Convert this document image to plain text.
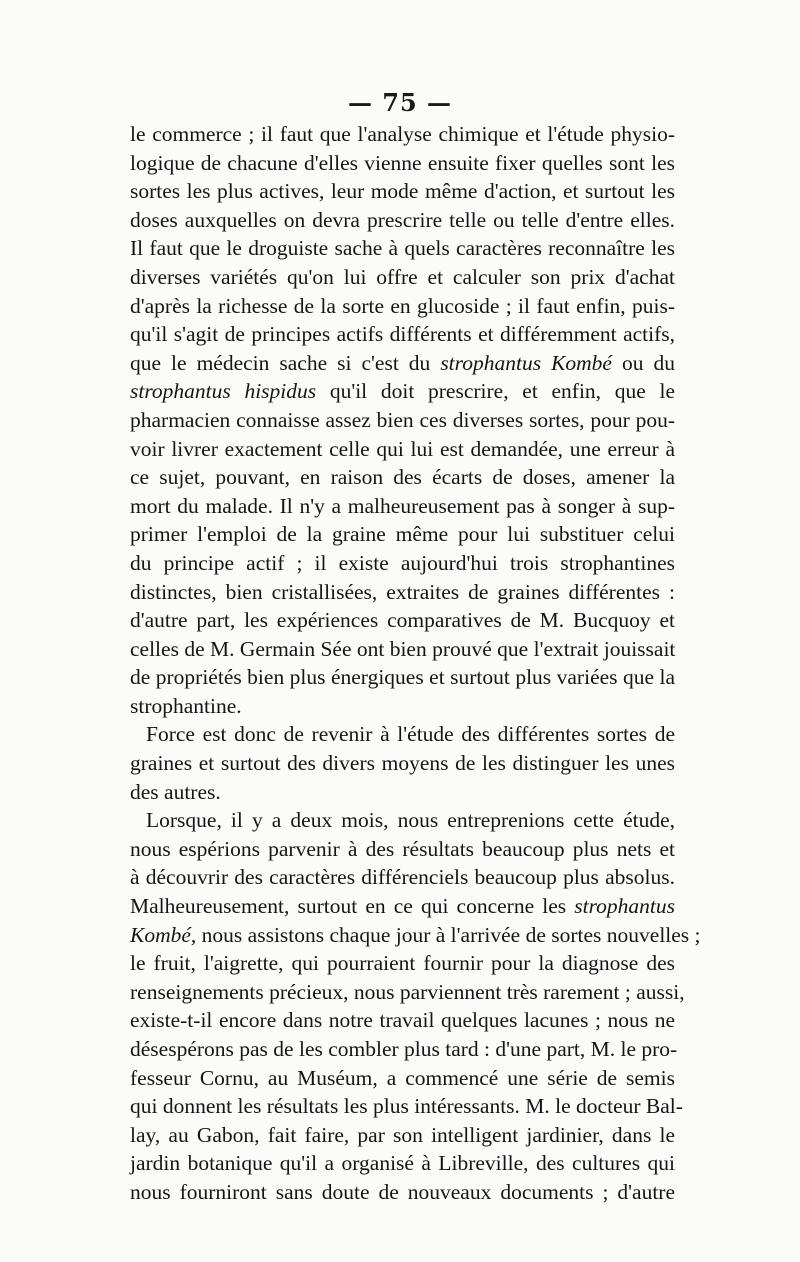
— 75 —
le commerce ; il faut que l'analyse chimique et l'étude physio-
logique de chacune d'elles vienne ensuite fixer quelles sont les
sortes les plus actives, leur mode même d'action, et surtout les
doses auxquelles on devra prescrire telle ou telle d'entre elles.
Il faut que le droguiste sache à quels caractères reconnaître les
diverses variétés qu'on lui offre et calculer son prix d'achat
d'après la richesse de la sorte en glucoside ; il faut enfin, puis-
qu'il s'agit de principes actifs différents et différemment actifs,
que le médecin sache si c'est du strophantus Kombé ou du
strophantus hispidus qu'il doit prescrire, et enfin, que le
pharmacien connaisse assez bien ces diverses sortes, pour pou-
voir livrer exactement celle qui lui est demandée, une erreur à
ce sujet, pouvant, en raison des écarts de doses, amener la
mort du malade. Il n'y a malheureusement pas à songer à sup-
primer l'emploi de la graine même pour lui substituer celui
du principe actif ; il existe aujourd'hui trois strophantines
distinctes, bien cristallisées, extraites de graines différentes :
d'autre part, les expériences comparatives de M. Bucquoy et
celles de M. Germain Sée ont bien prouvé que l'extrait jouissait
de propriétés bien plus énergiques et surtout plus variées que la
strophantine.
Force est donc de revenir à l'étude des différentes sortes de
graines et surtout des divers moyens de les distinguer les unes
des autres.
Lorsque, il y a deux mois, nous entreprenions cette étude,
nous espérions parvenir à des résultats beaucoup plus nets et
à découvrir des caractères différenciels beaucoup plus absolus.
Malheureusement, surtout en ce qui concerne les strophantus
Kombé, nous assistons chaque jour à l'arrivée de sortes nouvelles ;
le fruit, l'aigrette, qui pourraient fournir pour la diagnose des
renseignements précieux, nous parviennent très rarement ; aussi,
existe-t-il encore dans notre travail quelques lacunes ; nous ne
désespérons pas de les combler plus tard : d'une part, M. le pro-
fesseur Cornu, au Muséum, a commencé une série de semis
qui donnent les résultats les plus intéressants. M. le docteur Bal-
lay, au Gabon, fait faire, par son intelligent jardinier, dans le
jardin botanique qu'il a organisé à Libreville, des cultures qui
nous fourniront sans doute de nouveaux documents ; d'autre
